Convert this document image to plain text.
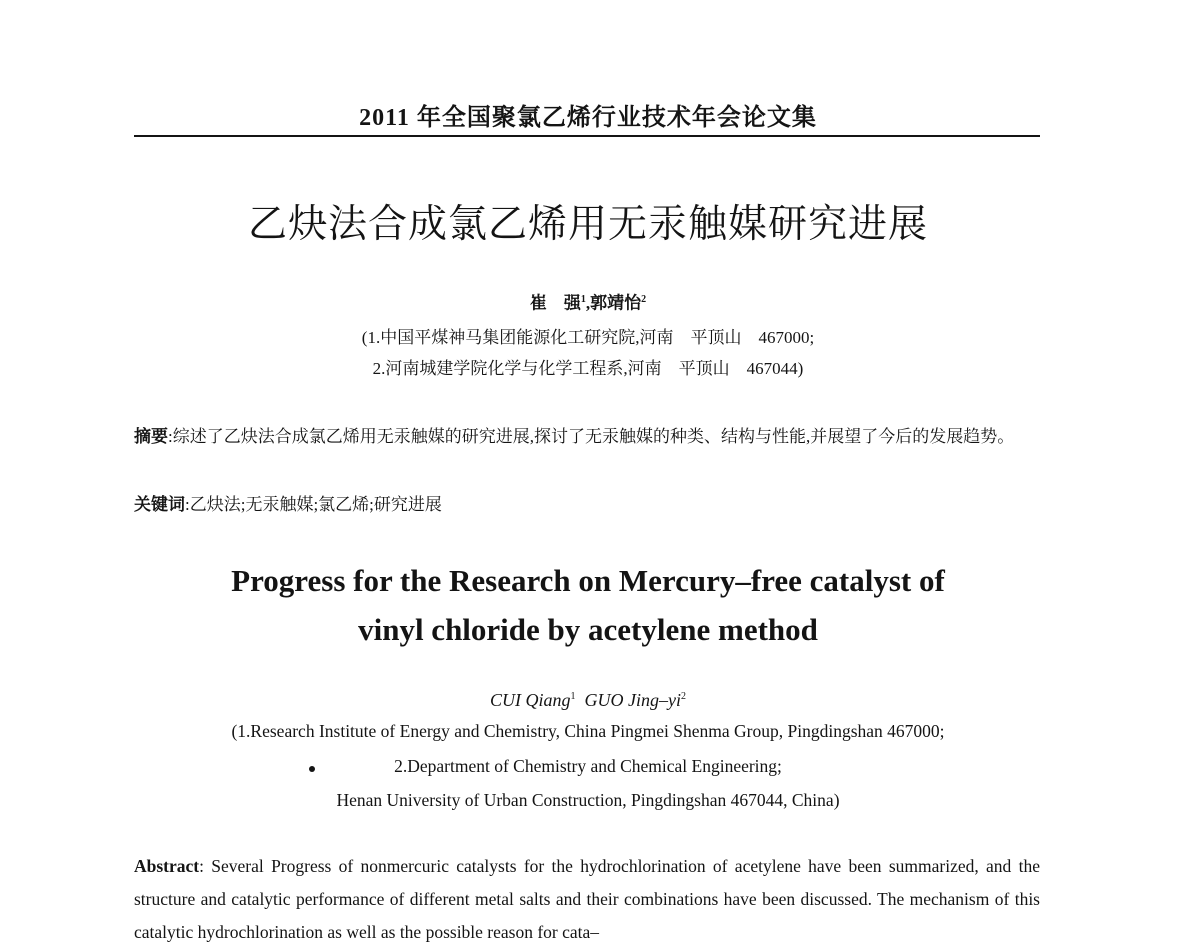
2011 年全国聚氯乙烯行业技术年会论文集
乙炔法合成氯乙烯用无汞触媒研究进展
崔　强$^1$,郭靖怡$^2$
(1.中国平煤神马集团能源化工研究院,河南　平顶山　467000;
2.河南城建学院化学与化学工程系,河南　平顶山　467044)
摘要:综述了乙炔法合成氯乙烯用无汞触媒的研究进展,探讨了无汞触媒的种类、结构与性能,并展望了今后的发展趋势。
关键词:乙炔法;无汞触媒;氯乙烯;研究进展
Progress for the Research on Mercury–free catalyst of
vinyl chloride by acetylene method
CUI Qiang$^1$ GUO Jing–$yi^2$
(1.Research Institute of Energy and Chemistry, China Pingmei Shenma Group, Pingdingshan 467000;
2.Department of Chemistry and Chemical Engineering;
Henan University of Urban Construction, Pingdingshan 467044, China)
Abstract: Several Progress of nonmercuric catalysts for the hydrochlorination of acetylene have been summarized, and the structure and catalytic performance of different metal salts and their combinations have been discussed. The mechanism of this catalytic hydrochlorination as well as the possible reason for cata–
